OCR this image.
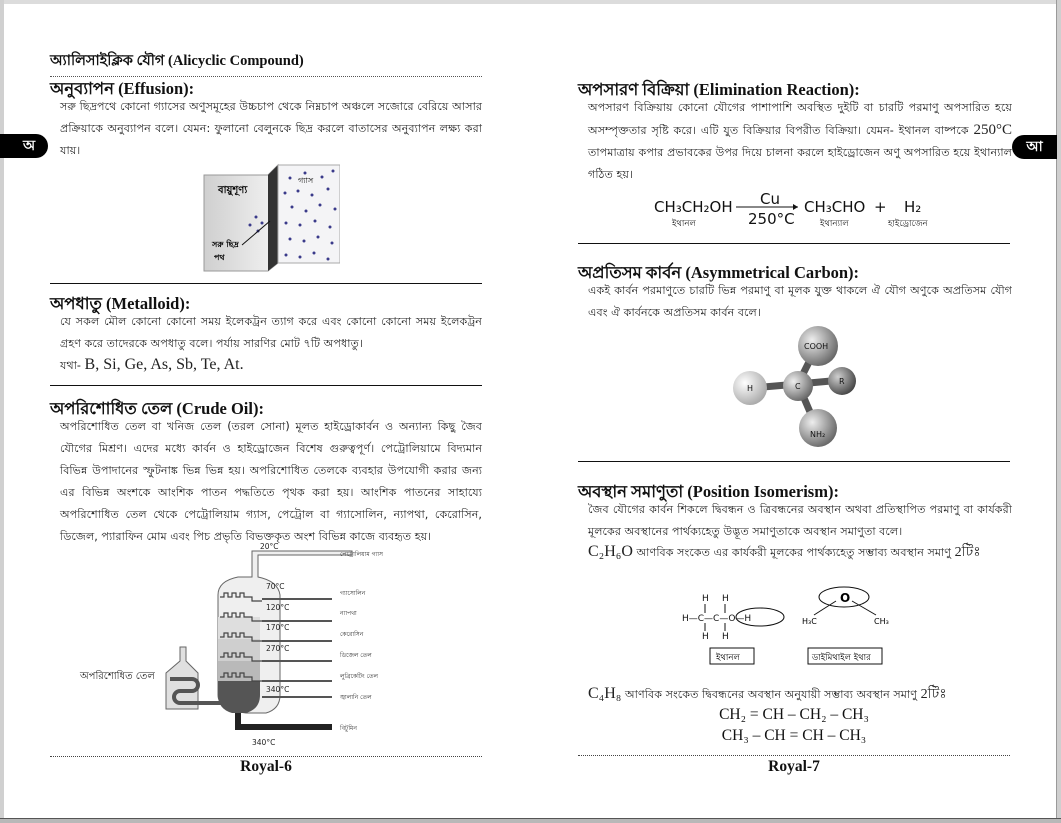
অ	আ
অ্যালিসাইক্লিক যৌগ (Alicyclic Compound)
অনুব্যাপন (Effusion):
সরু ছিদ্রপথে কোনো গ্যাসের অণুসমূহের উচ্চচাপ থেকে নিম্নচাপ অঞ্চলে সজোরে বেরিয়ে আসার প্রক্রিয়াকে অনুব্যাপন বলে। যেমন: ফুলানো বেলুনকে ছিদ্র করলে বাতাসের অনুব্যাপন লক্ষ্য করা যায়।
বায়ুশূণ্য
গ্যাস
সরু ছিদ্র
পথ
অপধাতু (Metalloid):
যে সকল মৌল কোনো কোনো সময় ইলেকট্রন ত্যাগ করে এবং কোনো কোনো সময় ইলেকট্রন গ্রহণ করে তাদেরকে অপধাতু বলে। পর্যায় সারণির মোট ৭টি অপধাতু।
যথা- B, Si, Ge, As, Sb, Te, At.
অপরিশোধিত তেল (Crude Oil):
অপরিশোধিত তেল বা খনিজ তেল (তরল সোনা) মূলত হাইড্রোকার্বন ও অন্যান্য কিছু জৈব যৌগের মিশ্রণ। এদের মধ্যে কার্বন ও হাইড্রোজেন বিশেষ গুরুত্বপূর্ণ। পেট্রোলিয়ামে বিদ্যমান বিভিন্ন উপাদানের স্ফুটনাঙ্ক ভিন্ন ভিন্ন হয়। অপরিশোধিত তেলকে ব্যবহার উপযোগী করার জন্য এর বিভিন্ন অংশকে আংশিক পাতন পদ্ধতিতে পৃথক করা হয়। আংশিক পাতনের সাহায্যে অপরিশোধিত তেল থেকে পেট্রোলিয়াম গ্যাস, পেট্রোল বা গ্যাসোলিন, ন্যাপথা, কেরোসিন, ডিজেল, প্যারাফিন মোম এবং পিচ প্রভৃতি বিভক্তকৃত অংশ বিভিন্ন কাজে ব্যবহৃত হয়।
20°C
70°C
120°C
170°C
270°C
340°C
340°C
পেট্রোলিয়াম গ্যাস
গ্যাসোলিন
ন্যাপথা
কেরোসিন
ডিজেল তেল
লুব্রিকেটিং তেল
জ্বালানি তেল
বিটুমিন
অপরিশোধিত তেল
Royal-6
অপসারণ বিক্রিয়া (Elimination Reaction):
অপসারণ বিক্রিয়ায় কোনো যৌগের পাশাপাশি অবস্থিত দুইটি বা চারটি পরমাণু অপসারিত হয়ে অসম্পৃক্ততার সৃষ্টি করে। এটি যুত বিক্রিয়ার বিপরীত বিক্রিয়া। যেমন- ইথানল বাষ্পকে 250°C তাপমাত্রায় কপার প্রভাবকের উপর দিয়ে চালনা করলে হাইড্রোজেন অণু অপসারিত হয়ে ইথান্যাল গঠিত হয়।
CH₃CH₂OH Cu
250°C
CH₃CHO + H₂
ইথানল	ইথান্যাল	হাইড্রোজেন
অপ্রতিসম কার্বন (Asymmetrical Carbon):
একই কার্বন পরমাণুতে চারটি ভিন্ন পরমাণু বা মূলক যুক্ত থাকলে ঐ যৌগ অণুকে অপ্রতিসম যৌগ এবং ঐ কার্বনকে অপ্রতিসম কার্বন বলে।
COOH
H
R
C
NH₂
অবস্থান সমাণুতা (Position Isomerism):
জৈব যৌগের কার্বন শিকলে দ্বিবন্ধন ও ত্রিবন্ধনের অবস্থান অথবা প্রতিস্থাপিত পরমাণু বা কার্যকরী মূলকের অবস্থানের পার্থক্যহেতু উদ্ভূত সমাণুতাকে অবস্থান সমাণুতা বলে।
C₂H₆O আণবিক সংকেত এর কার্যকরী মূলকের পার্থক্যহেতু সম্ভাব্য অবস্থান সমাণু 2টিঃ
H H
H—C—C—O—H
H H
ইথানল
O
H₃C	CH₃
ডাইমিথাইল ইথার
C₄H₈ আণবিক সংকেত দ্বিবন্ধনের অবস্থান অনুযায়ী সম্ভাব্য অবস্থান সমাণু 2টিঃ
CH₂ = CH – CH₂ – CH₃
CH₃ – CH = CH – CH₃
Royal-7
